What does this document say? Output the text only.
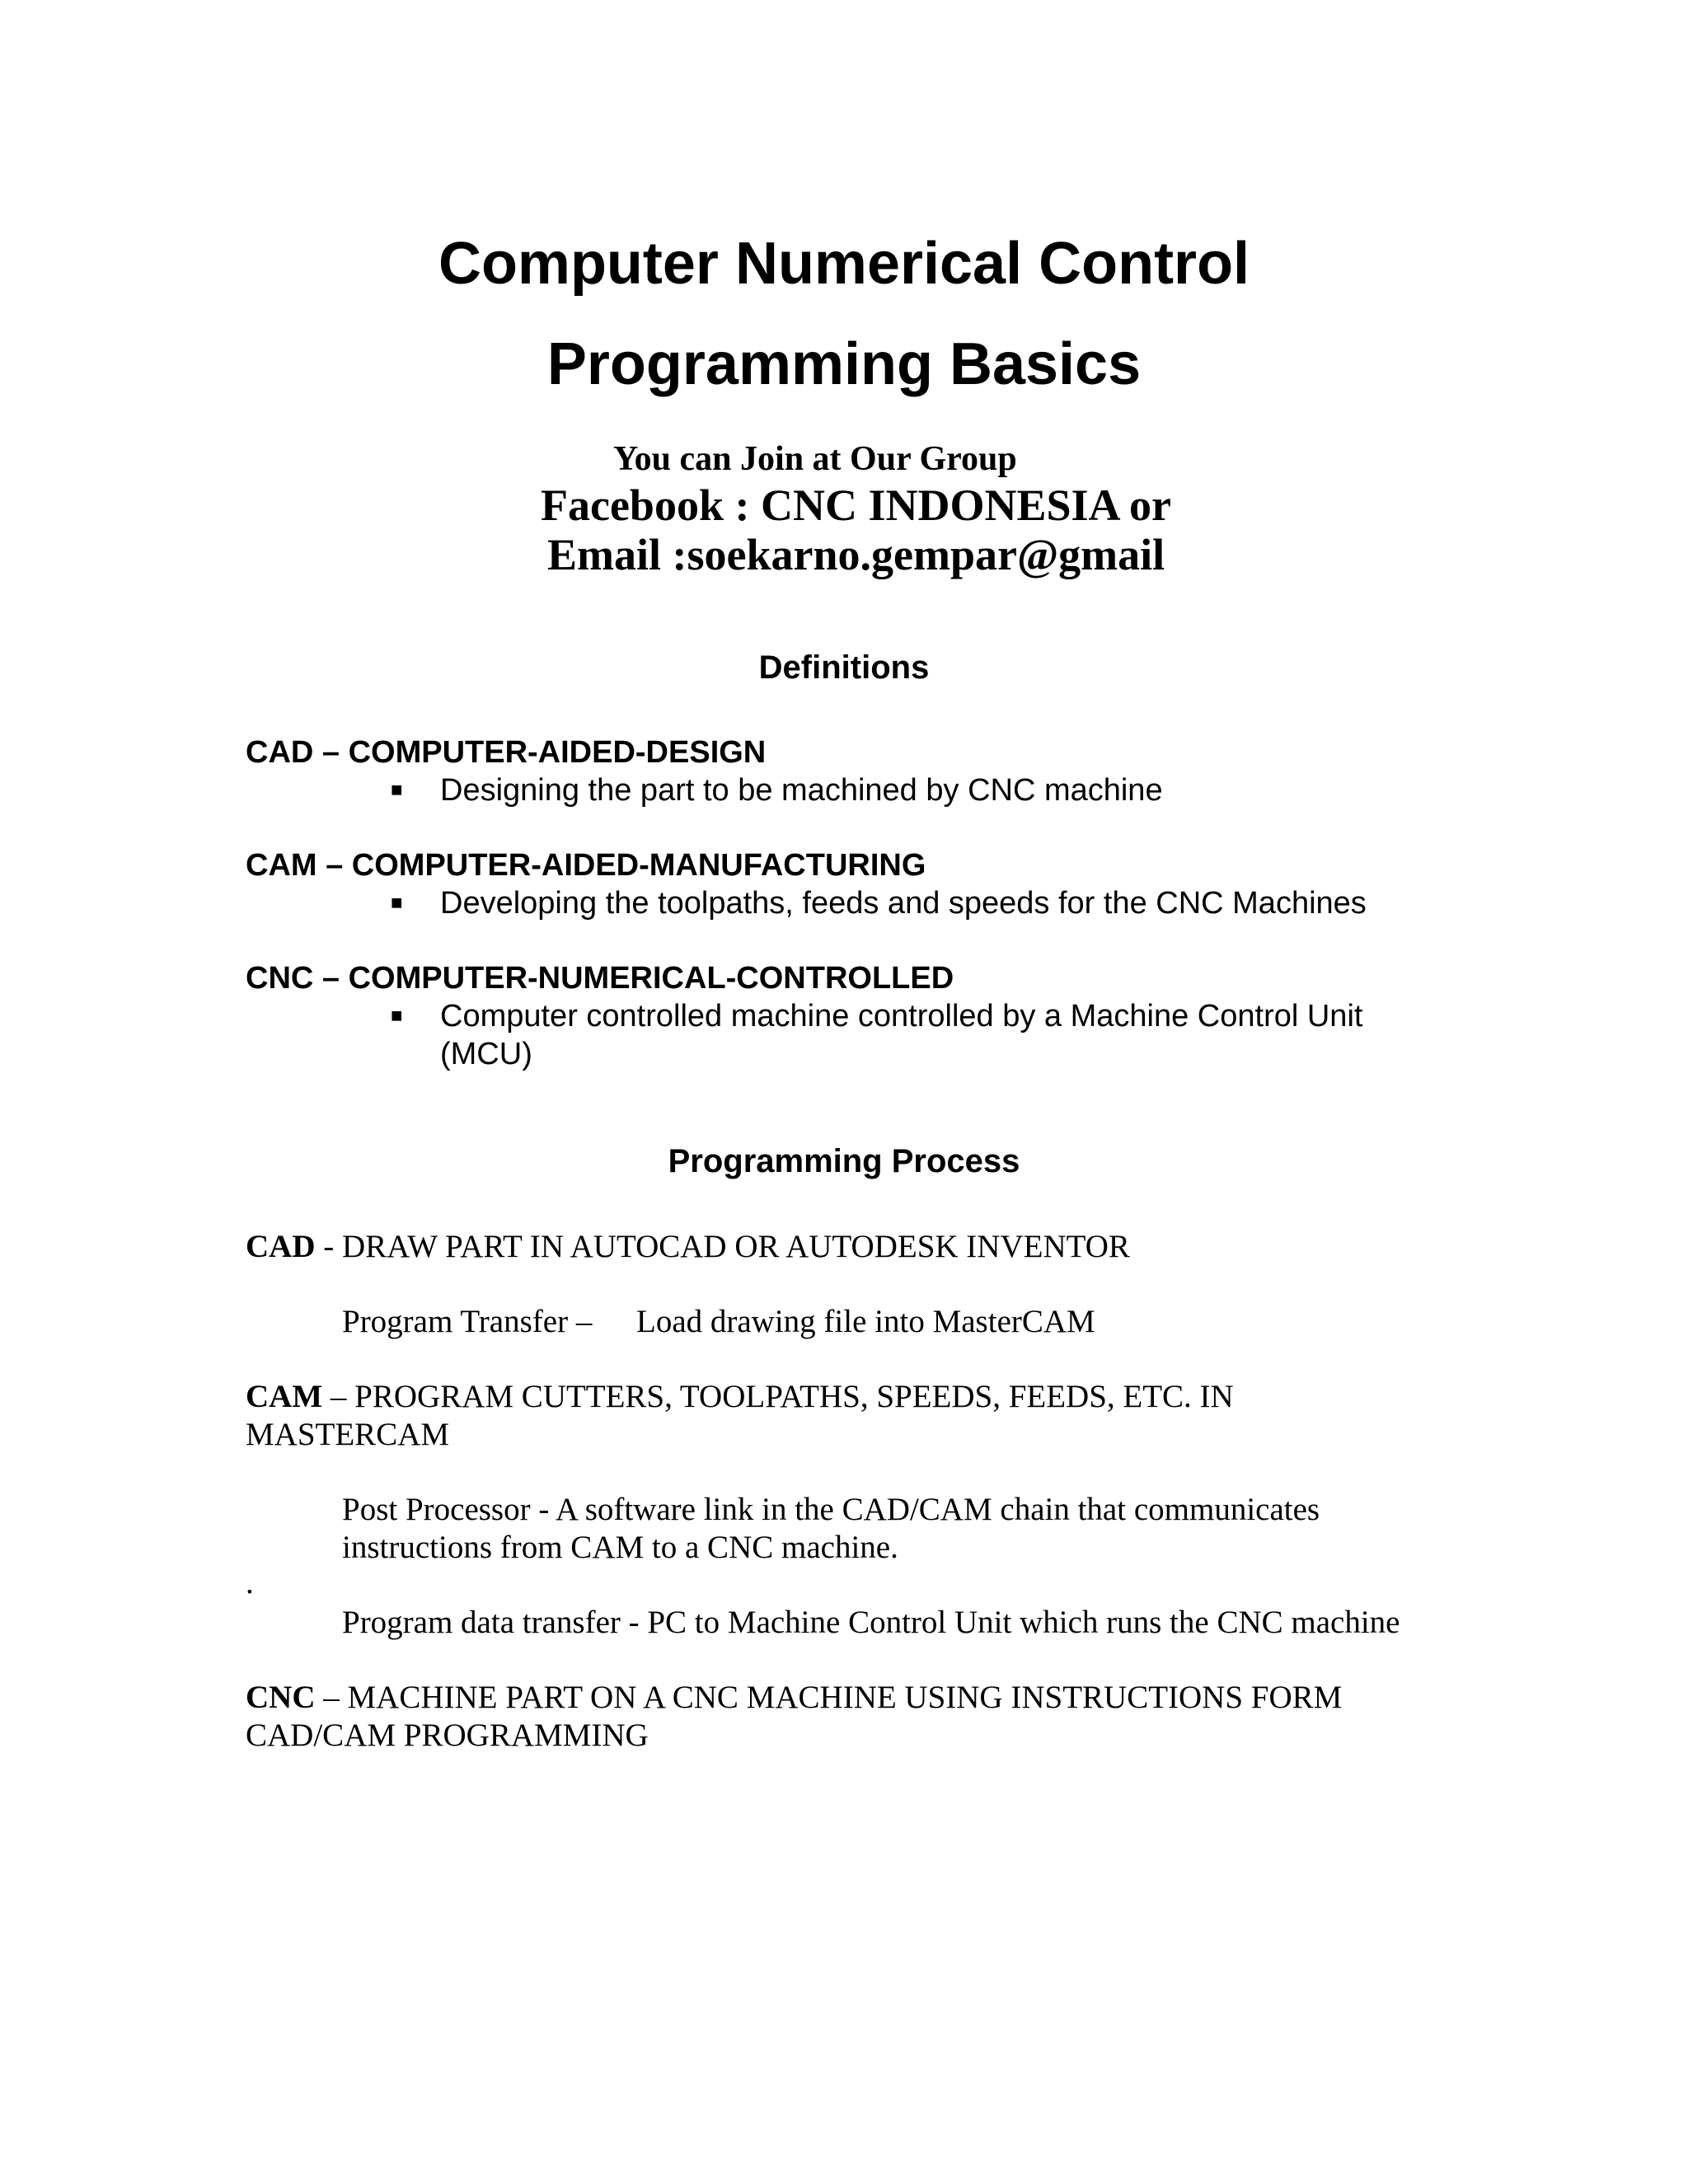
Computer Numerical Control
Programming Basics
You can Join at Our Group
Facebook : CNC INDONESIA or
Email :soekarno.gempar@gmail
Definitions
CAD – COMPUTER-AIDED-DESIGN
■ Designing the part to be machined by CNC machine
CAM – COMPUTER-AIDED-MANUFACTURING
■ Developing the toolpaths, feeds and speeds for the CNC Machines
CNC – COMPUTER-NUMERICAL-CONTROLLED
■ Computer controlled machine controlled by a Machine Control Unit
(MCU)
Programming Process
CAD - DRAW PART IN AUTOCAD OR AUTODESK INVENTOR
Program Transfer – Load drawing file into MasterCAM
CAM – PROGRAM CUTTERS, TOOLPATHS, SPEEDS, FEEDS, ETC. IN
MASTERCAM
Post Processor - A software link in the CAD/CAM chain that communicates
instructions from CAM to a CNC machine.
.
Program data transfer - PC to Machine Control Unit which runs the CNC machine
CNC – MACHINE PART ON A CNC MACHINE USING INSTRUCTIONS FORM
CAD/CAM PROGRAMMING
